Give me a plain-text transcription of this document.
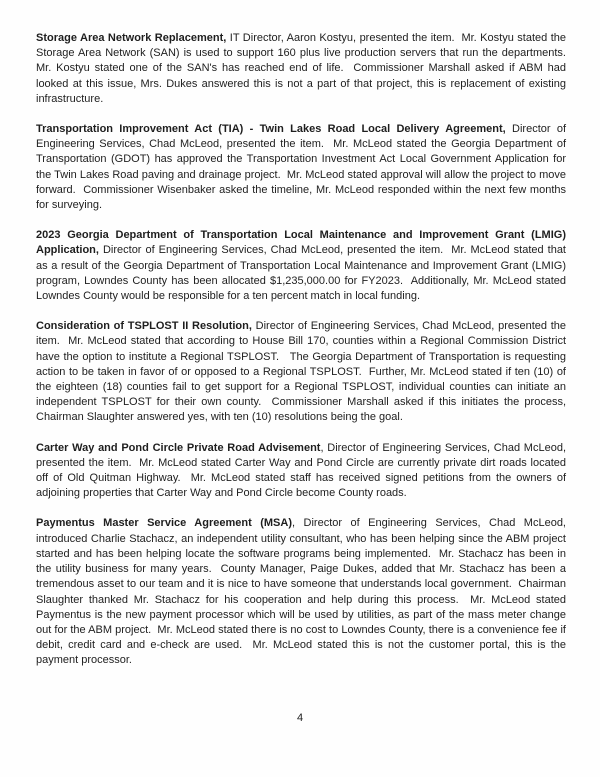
Storage Area Network Replacement, IT Director, Aaron Kostyu, presented the item.  Mr. Kostyu stated the Storage Area Network (SAN) is used to support 160 plus live production servers that run the departments.  Mr. Kostyu stated one of the SAN's has reached end of life.  Commissioner Marshall asked if ABM had looked at this issue, Mrs. Dukes answered this is not a part of that project, this is replacement of existing infrastructure.

Transportation Improvement Act (TIA) - Twin Lakes Road Local Delivery Agreement, Director of Engineering Services, Chad McLeod, presented the item.  Mr. McLeod stated the Georgia Department of Transportation (GDOT) has approved the Transportation Investment Act Local Government Application for the Twin Lakes Road paving and drainage project.  Mr. McLeod stated approval will allow the project to move forward.  Commissioner Wisenbaker asked the timeline, Mr. McLeod responded within the next few months for surveying.

2023 Georgia Department of Transportation Local Maintenance and Improvement Grant (LMIG) Application, Director of Engineering Services, Chad McLeod, presented the item.  Mr. McLeod stated that as a result of the Georgia Department of Transportation Local Maintenance and Improvement Grant (LMIG) program, Lowndes County has been allocated $1,235,000.00 for FY2023.  Additionally, Mr. McLeod stated Lowndes County would be responsible for a ten percent match in local funding.

Consideration of TSPLOST II Resolution, Director of Engineering Services, Chad McLeod, presented the item.  Mr. McLeod stated that according to House Bill 170, counties within a Regional Commission District have the option to institute a Regional TSPLOST.   The Georgia Department of Transportation is requesting action to be taken in favor of or opposed to a Regional TSPLOST.  Further, Mr. McLeod stated if ten (10) of the eighteen (18) counties fail to get support for a Regional TSPLOST, individual counties can initiate an independent TSPLOST for their own county.  Commissioner Marshall asked if this initiates the process, Chairman Slaughter answered yes, with ten (10) resolutions being the goal.

Carter Way and Pond Circle Private Road Advisement, Director of Engineering Services, Chad McLeod, presented the item.  Mr. McLeod stated Carter Way and Pond Circle are currently private dirt roads located off of Old Quitman Highway.  Mr. McLeod stated staff has received signed petitions from the owners of adjoining properties that Carter Way and Pond Circle become County roads.

Paymentus Master Service Agreement (MSA), Director of Engineering Services, Chad McLeod, introduced Charlie Stachacz, an independent utility consultant, who has been helping since the ABM project started and has been helping locate the software programs being implemented.  Mr. Stachacz has been in the utility business for many years.  County Manager, Paige Dukes, added that Mr. Stachacz has been a tremendous asset to our team and it is nice to have someone that understands local government.  Chairman Slaughter thanked Mr. Stachacz for his cooperation and help during this process.  Mr. McLeod stated Paymentus is the new payment processor which will be used by utilities, as part of the mass meter change out for the ABM project.  Mr. McLeod stated there is no cost to Lowndes County, there is a convenience fee if debit, credit card and e-check are used.  Mr. McLeod stated this is not the customer portal, this is the payment processor.

4
